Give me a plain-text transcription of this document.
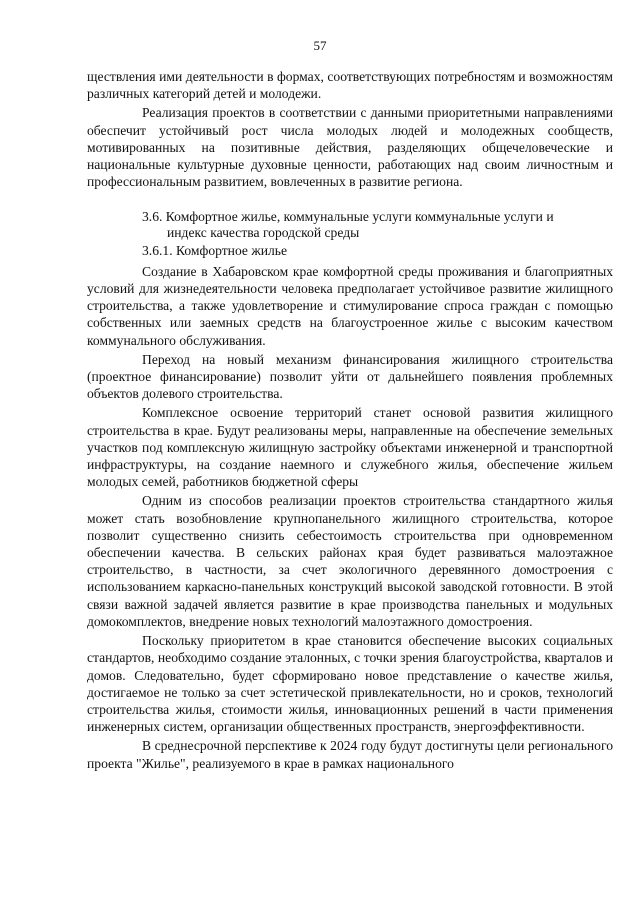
57

ществления ими деятельности в формах, соответствующих потребностям и возможностям различных категорий детей и молодежи.

Реализация проектов в соответствии с данными приоритетными направлениями обеспечит устойчивый рост числа молодых людей и молодежных сообществ, мотивированных на позитивные действия, разделяющих общечеловеческие и национальные культурные духовные ценности, работающих над своим личностным и профессиональным развитием, вовлеченных в развитие региона.

3.6. Комфортное жилье, коммунальные услуги коммунальные услуги и

индекс качества городской среды

3.6.1. Комфортное жилье

Создание в Хабаровском крае комфортной среды проживания и благоприятных условий для жизнедеятельности человека предполагает устойчивое развитие жилищного строительства, а также удовлетворение и стимулирование спроса граждан с помощью собственных или заемных средств на благоустроенное жилье с высоким качеством коммунального обслуживания.

Переход на новый механизм финансирования жилищного строительства (проектное финансирование) позволит уйти от дальнейшего появления проблемных объектов долевого строительства.

Комплексное освоение территорий станет основой развития жилищного строительства в крае. Будут реализованы меры, направленные на обеспечение земельных участков под комплексную жилищную застройку объектами инженерной и транспортной инфраструктуры, на создание наемного и служебного жилья, обеспечение жильем молодых семей, работников бюджетной сферы

Одним из способов реализации проектов строительства стандартного жилья может стать возобновление крупнопанельного жилищного строительства, которое позволит существенно снизить себестоимость строительства при одновременном обеспечении качества. В сельских районах края будет развиваться малоэтажное строительство, в частности, за счет экологичного деревянного домостроения с использованием каркасно-панельных конструкций высокой заводской готовности. В этой связи важной задачей является развитие в крае производства панельных и модульных домокомплектов, внедрение новых технологий малоэтажного домостроения.

Поскольку приоритетом в крае становится обеспечение высоких социальных стандартов, необходимо создание эталонных, с точки зрения благоустройства, кварталов и домов. Следовательно, будет сформировано новое представление о качестве жилья, достигаемое не только за счет эстетической привлекательности, но и сроков, технологий строительства жилья, стоимости жилья, инновационных решений в части применения инженерных систем, организации общественных пространств, энергоэффективности.

В среднесрочной перспективе к 2024 году будут достигнуты цели регионального проекта "Жилье", реализуемого в крае в рамках национального
